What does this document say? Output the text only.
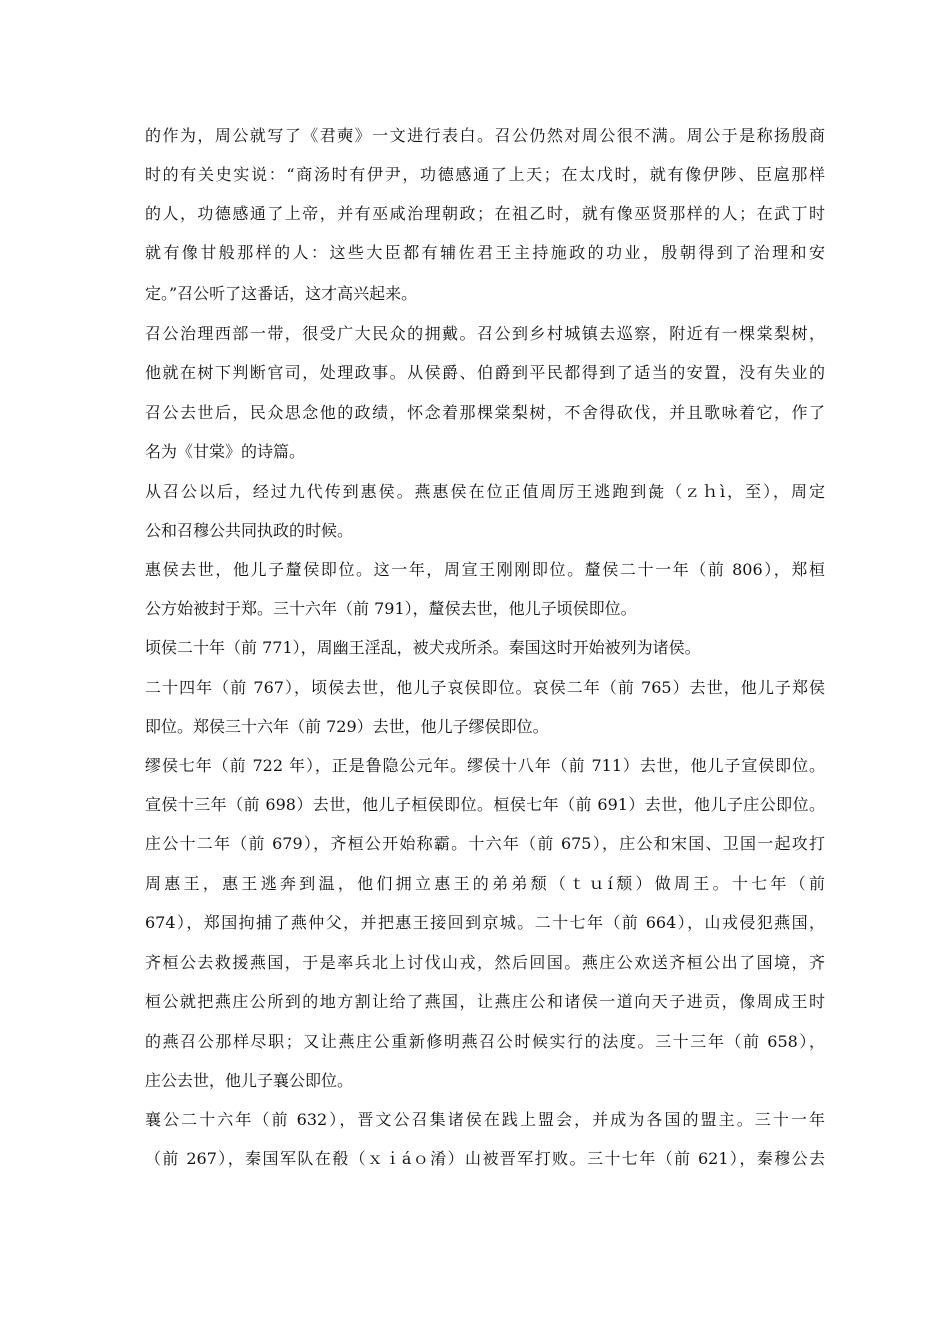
的作为，周公就写了《君奭》一文进行表白。召公仍然对周公很不满。周公于是称扬殷商

时的有关史实说：“商汤时有伊尹，功德感通了上天；在太戊时，就有像伊陟、臣扈那样

的人，功德感通了上帝，并有巫咸治理朝政；在祖乙时，就有像巫贤那样的人；在武丁时

就有像甘般那样的人：这些大臣都有辅佐君王主持施政的功业，殷朝得到了治理和安

定。”召公听了这番话，这才高兴起来。

召公治理西部一带，很受广大民众的拥戴。召公到乡村城镇去巡察，附近有一棵棠梨树，

他就在树下判断官司，处理政事。从侯爵、伯爵到平民都得到了适当的安置，没有失业的

召公去世后，民众思念他的政绩，怀念着那棵棠梨树，不舍得砍伐，并且歌咏着它，作了

名为《甘棠》的诗篇。

从召公以后，经过九代传到惠侯。燕惠侯在位正值周厉王逃跑到彘（ｚｈì，至），周定

公和召穆公共同执政的时候。

惠侯去世，他儿子釐侯即位。这一年，周宣王刚刚即位。釐侯二十一年（前 806），郑桓

公方始被封于郑。三十六年（前 791），釐侯去世，他儿子顷侯即位。

顷侯二十年（前 771），周幽王淫乱，被犬戎所杀。秦国这时开始被列为诸侯。

二十四年（前 767），顷侯去世，他儿子哀侯即位。哀侯二年（前 765）去世，他儿子郑侯

即位。郑侯三十六年（前 729）去世，他儿子缪侯即位。

缪侯七年（前 722 年），正是鲁隐公元年。缪侯十八年（前 711）去世，他儿子宣侯即位。

宣侯十三年（前 698）去世，他儿子桓侯即位。桓侯七年（前 691）去世，他儿子庄公即位。

庄公十二年（前 679），齐桓公开始称霸。十六年（前 675），庄公和宋国、卫国一起攻打

周惠王，惠王逃奔到温，他们拥立惠王的弟弟颓（ｔｕí颓）做周王。十七年（前

674），郑国拘捕了燕仲父，并把惠王接回到京城。二十七年（前 664），山戎侵犯燕国，

齐桓公去救援燕国，于是率兵北上讨伐山戎，然后回国。燕庄公欢送齐桓公出了国境，齐

桓公就把燕庄公所到的地方割让给了燕国，让燕庄公和诸侯一道向天子进贡，像周成王时

的燕召公那样尽职；又让燕庄公重新修明燕召公时候实行的法度。三十三年（前 658），

庄公去世，他儿子襄公即位。

襄公二十六年（前 632），晋文公召集诸侯在践上盟会，并成为各国的盟主。三十一年

（前 267），秦国军队在殽（ｘｉáｏ淆）山被晋军打败。三十七年（前 621），秦穆公去
